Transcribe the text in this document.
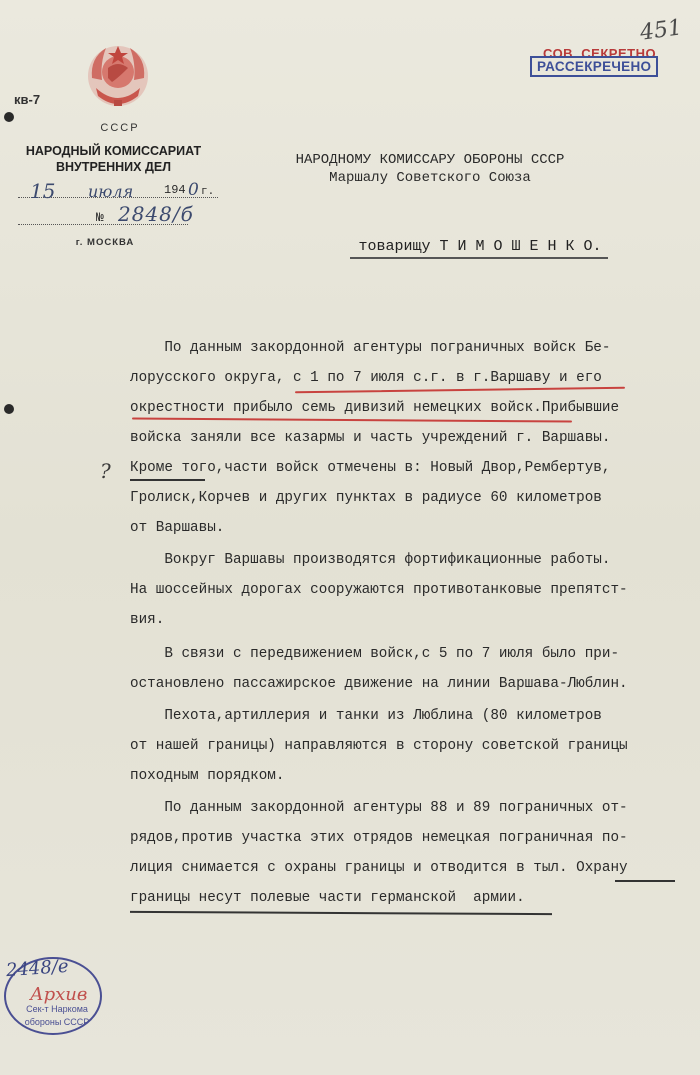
кв-7
СССР
НАРОДНЫЙ КОМИССАРИАТ
ВНУТРЕННИХ ДЕЛ
15 июля	194 0 г.
№ 2848/б
г. МОСКВА
451
СОВ. СЕКРЕТНО
РАССЕКРЕЧЕНО
НАРОДНОМУ КОМИССАРУ ОБОРОНЫ СССР
Маршалу Советского Союза
товарищу Т И М О Ш Е Н К О.
По данным закордонной агентуры пограничных войск Бе-
лорусского округа, с 1 по 7 июля с.г. в г.Варшаву и его
окрестности прибыло семь дивизий немецких войск.Прибывшие
войска заняли все казармы и часть учреждений г. Варшавы.
Кроме того,части войск отмечены в: Новый Двор,Рембертув,
Гролиск,Корчев и других пунктах в радиусе 60 километров
от Варшавы.
Вокруг Варшавы производятся фортификационные работы.
На шоссейных дорогах сооружаются противотанковые препятст-
вия.
В связи с передвижением войск,с 5 по 7 июля было при-
остановлено пассажирское движение на линии Варшава-Люблин.
Пехота,артиллерия и танки из Люблина (80 километров
от нашей границы) направляются в сторону советской границы
походным порядком.
По данным закордонной агентуры 88 и 89 пограничных от-
рядов,против участка этих отрядов немецкая пограничная по-
лиция снимается с охраны границы и отводится в тыл. Охрану
границы несут полевые части германской  армии.
?
2448/е
Архив
Сек-т Наркома
обороны СССР
